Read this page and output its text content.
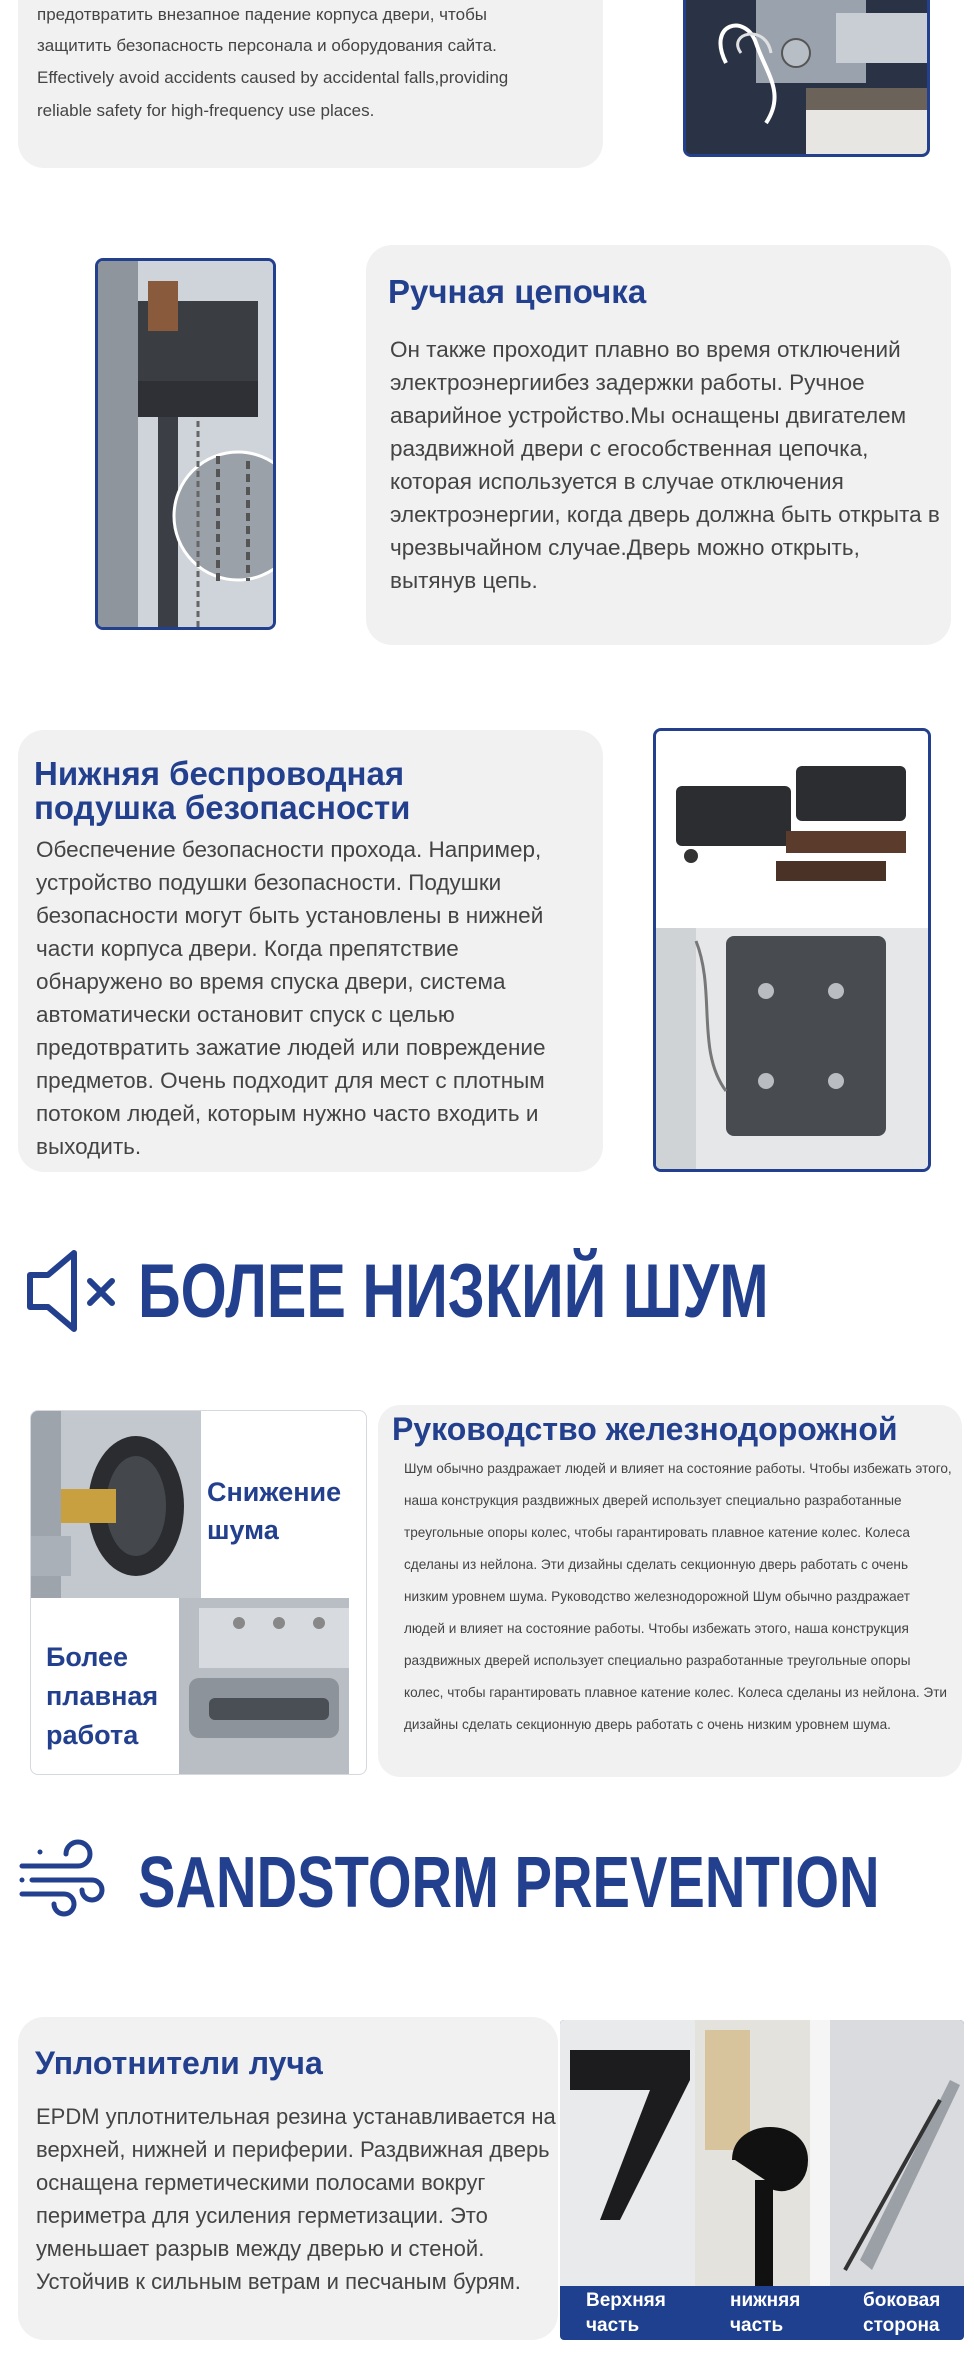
предотвратить внезапное падение корпуса двери, чтобы
защитить безопасность персонала и оборудования сайта.
Effectively avoid accidents caused by accidental falls,providing
reliable safety for high-frequency use places.
Ручная цепочка
Он также проходит плавно во время отключений электроэнергиибез задержки работы. Ручное аварийное устройство.Мы оснащены двигателем раздвижной двери с егособственная цепочка, которая используется в случае отключения электроэнергии, когда дверь должна быть открыта в чрезвычайном случае.Дверь можно открыть, вытянув цепь.
Нижняя беспроводная
подушка безопасности
Обеспечение безопасности прохода. Например, устройство подушки безопасности. Подушки безопасности могут быть установлены в нижней части корпуса двери. Когда препятствие обнаружено во время спуска двери, система автоматически остановит спуск с целью предотвратить зажатие людей или повреждение предметов. Очень подходит для мест с плотным потоком людей, которым нужно часто входить и выходить.
БОЛЕЕ НИЗКИЙ ШУМ
Снижение
шума
Более
плавная
работа
Руководство железнодорожной
Шум обычно раздражает людей и влияет на состояние работы. Чтобы избежать этого, наша конструкция раздвижных дверей использует специально разработанные треугольные опоры колес, чтобы гарантировать плавное катение колес. Колеса сделаны из нейлона. Эти дизайны сделать секционную дверь работать с очень низким уровнем шума. Руководство железнодорожной Шум обычно раздражает людей и влияет на состояние работы. Чтобы избежать этого, наша конструкция раздвижных дверей использует специально разработанные треугольные опоры колес, чтобы гарантировать плавное катение колес. Колеса сделаны из нейлона. Эти дизайны сделать секционную дверь работать с очень низким уровнем шума.
SANDSTORM PREVENTION
Уплотнители луча
EPDM уплотнительная резина устанавливается на верхней, нижней и периферии. Раздвижная дверь оснащена герметическими полосами вокруг периметра для усиления герметизации. Это уменьшает разрыв между дверью и стеной. Устойчив к сильным ветрам и песчаным бурям.
Верхняя
часть
нижняя
часть
боковая
сторона
